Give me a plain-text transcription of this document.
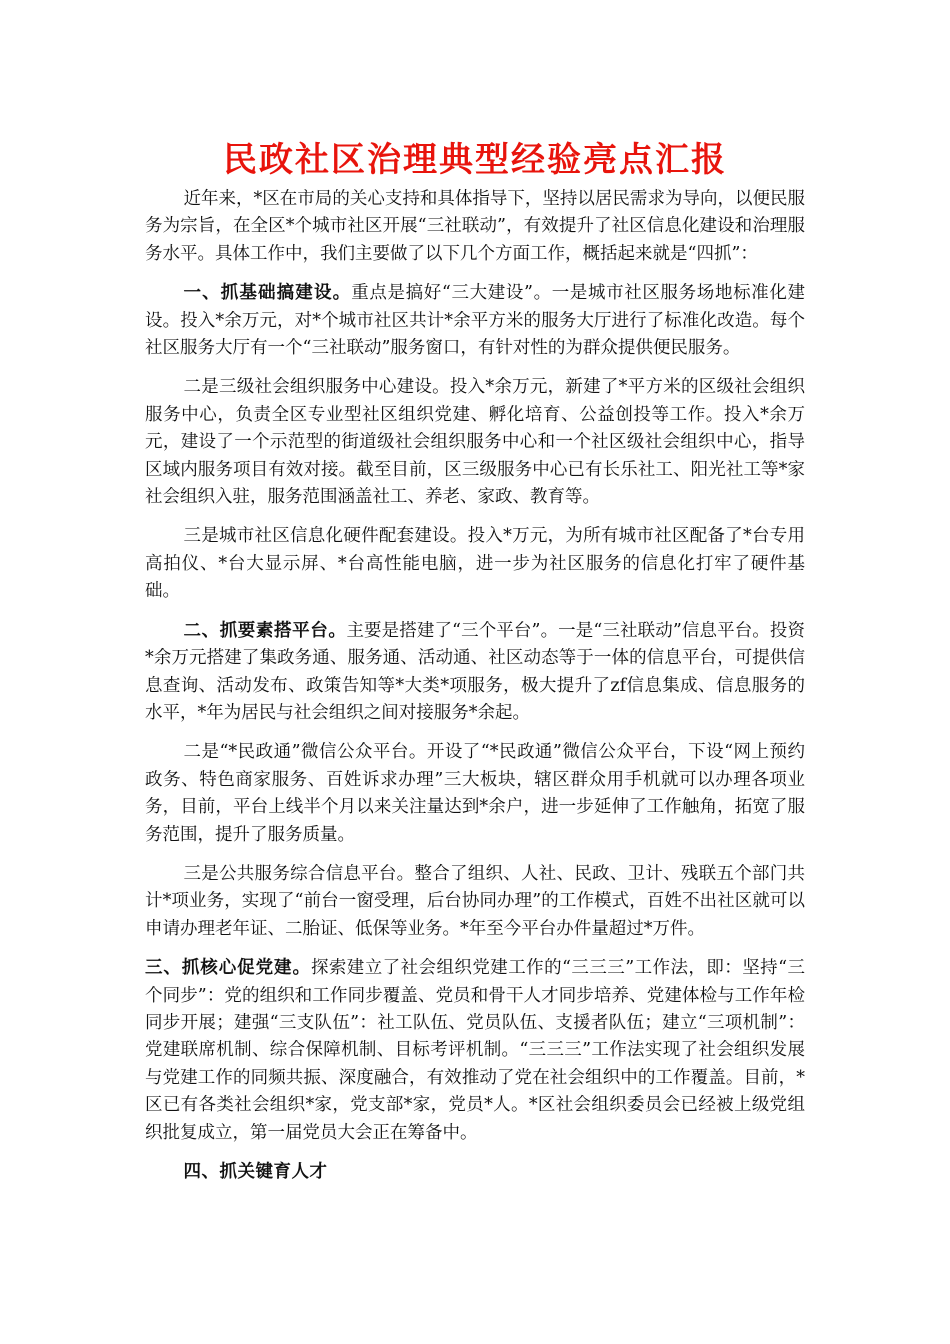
民政社区治理典型经验亮点汇报

近年来，*区在市局的关心支持和具体指导下，坚持以居民需求为导向，以便民服务为宗旨，在全区*个城市社区开展“三社联动”，有效提升了社区信息化建设和治理服务水平。具体工作中，我们主要做了以下几个方面工作，概括起来就是“四抓”：

一、抓基础搞建设。重点是搞好“三大建设”。一是城市社区服务场地标准化建设。投入*余万元，对*个城市社区共计*余平方米的服务大厅进行了标准化改造。每个社区服务大厅有一个“三社联动”服务窗口，有针对性的为群众提供便民服务。

二是三级社会组织服务中心建设。投入*余万元，新建了*平方米的区级社会组织服务中心，负责全区专业型社区组织党建、孵化培育、公益创投等工作。投入*余万元，建设了一个示范型的街道级社会组织服务中心和一个社区级社会组织中心，指导区域内服务项目有效对接。截至目前，区三级服务中心已有长乐社工、阳光社工等*家社会组织入驻，服务范围涵盖社工、养老、家政、教育等。

三是城市社区信息化硬件配套建设。投入*万元，为所有城市社区配备了*台专用高拍仪、*台大显示屏、*台高性能电脑，进一步为社区服务的信息化打牢了硬件基础。

二、抓要素搭平台。主要是搭建了“三个平台”。一是“三社联动”信息平台。投资*余万元搭建了集政务通、服务通、活动通、社区动态等于一体的信息平台，可提供信息查询、活动发布、政策告知等*大类*项服务，极大提升了zf信息集成、信息服务的水平，*年为居民与社会组织之间对接服务*余起。

二是“*民政通”微信公众平台。开设了“*民政通”微信公众平台，下设“网上预约政务、特色商家服务、百姓诉求办理”三大板块，辖区群众用手机就可以办理各项业务，目前，平台上线半个月以来关注量达到*余户，进一步延伸了工作触角，拓宽了服务范围，提升了服务质量。

三是公共服务综合信息平台。整合了组织、人社、民政、卫计、残联五个部门共计*项业务，实现了“前台一窗受理，后台协同办理”的工作模式，百姓不出社区就可以申请办理老年证、二胎证、低保等业务。*年至今平台办件量超过*万件。

三、抓核心促党建。探索建立了社会组织党建工作的“三三三”工作法，即：坚持“三个同步”：党的组织和工作同步覆盖、党员和骨干人才同步培养、党建体检与工作年检同步开展；建强“三支队伍”：社工队伍、党员队伍、支援者队伍；建立“三项机制”：党建联席机制、综合保障机制、目标考评机制。“三三三”工作法实现了社会组织发展与党建工作的同频共振、深度融合，有效推动了党在社会组织中的工作覆盖。目前，*区已有各类社会组织*家，党支部*家，党员*人。*区社会组织委员会已经被上级党组织批复成立，第一届党员大会正在筹备中。

四、抓关键育人才
